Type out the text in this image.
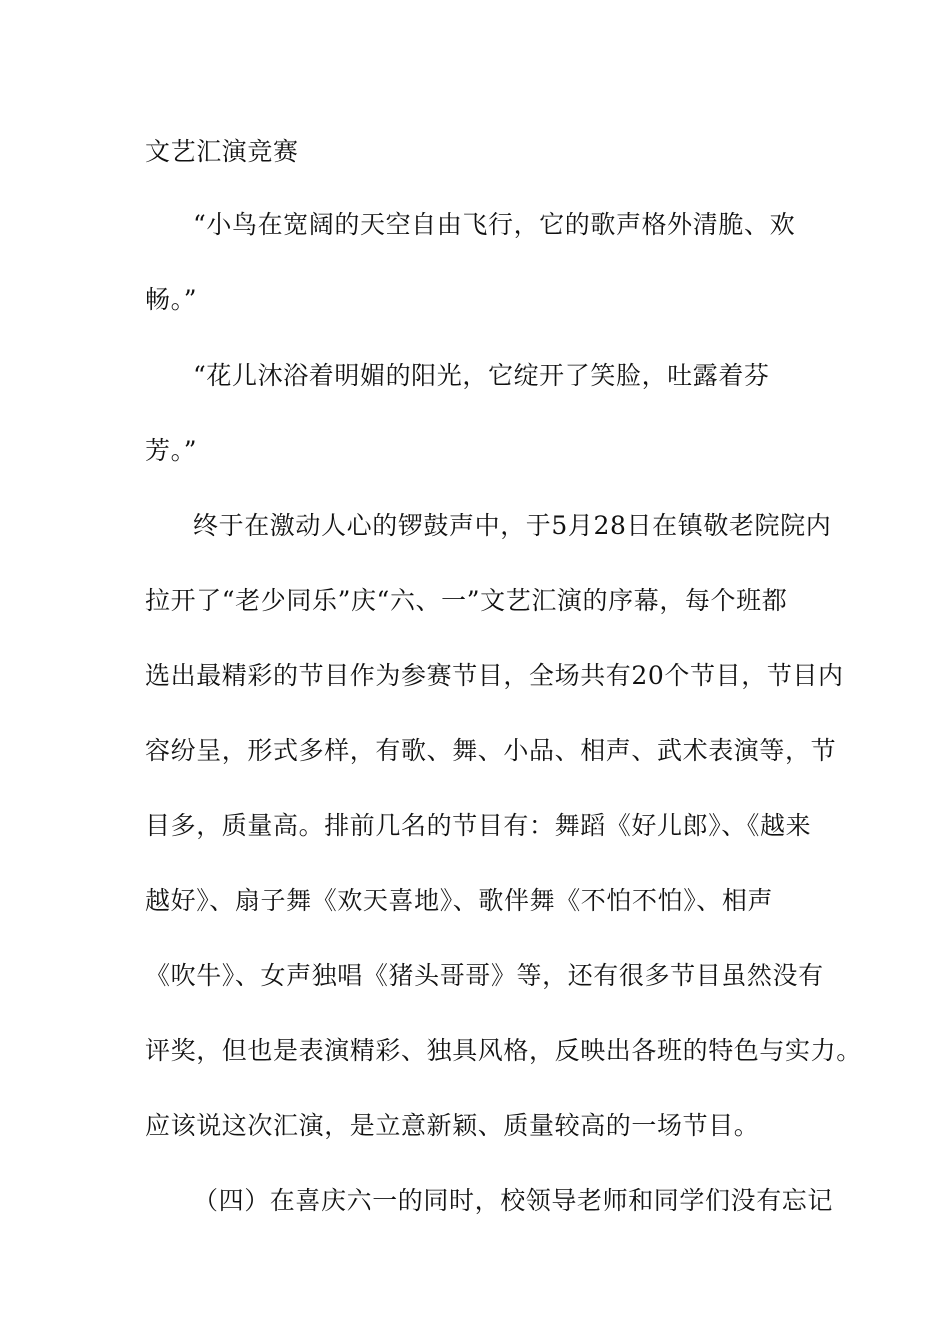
文艺汇演竞赛
“小鸟在宽阔的天空自由飞行，它的歌声格外清脆、欢
畅。”
“花儿沐浴着明媚的阳光，它绽开了笑脸，吐露着芬
芳。”
终于在激动人心的锣鼓声中，于5月28日在镇敬老院院内
拉开了“老少同乐”庆“六、一”文艺汇演的序幕，每个班都
选出最精彩的节目作为参赛节目，全场共有20个节目，节目内
容纷呈，形式多样，有歌、舞、小品、相声、武术表演等，节
目多，质量高。排前几名的节目有：舞蹈《好儿郎》、《越来
越好》、扇子舞《欢天喜地》、歌伴舞《不怕不怕》、相声
《吹牛》、女声独唱《猪头哥哥》等，还有很多节目虽然没有
评奖，但也是表演精彩、独具风格，反映出各班的特色与实力。
应该说这次汇演，是立意新颖、质量较高的一场节目。
（四）在喜庆六一的同时，校领导老师和同学们没有忘记
